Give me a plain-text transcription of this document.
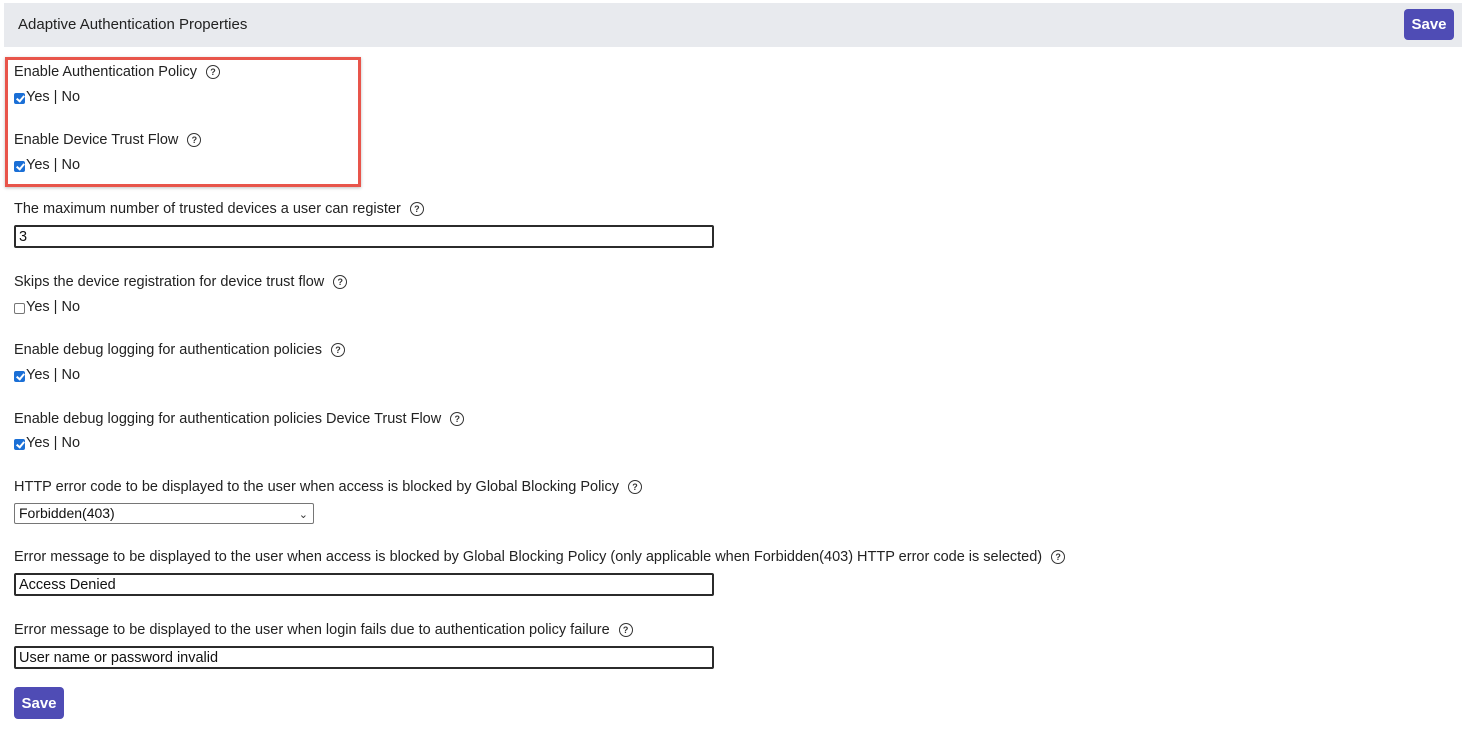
Adaptive Authentication Properties	Save
Enable Authentication Policy ?
Yes | No
Enable Device Trust Flow ?
Yes | No
The maximum number of trusted devices a user can register ?
3
Skips the device registration for device trust flow ?
Yes | No
Enable debug logging for authentication policies ?
Yes | No
Enable debug logging for authentication policies Device Trust Flow ?
Yes | No
HTTP error code to be displayed to the user when access is blocked by Global Blocking Policy ?
Forbidden(403)	⌄
Error message to be displayed to the user when access is blocked by Global Blocking Policy (only applicable when Forbidden(403) HTTP error code is selected) ?
Access Denied
Error message to be displayed to the user when login fails due to authentication policy failure ?
User name or password invalid
Save
